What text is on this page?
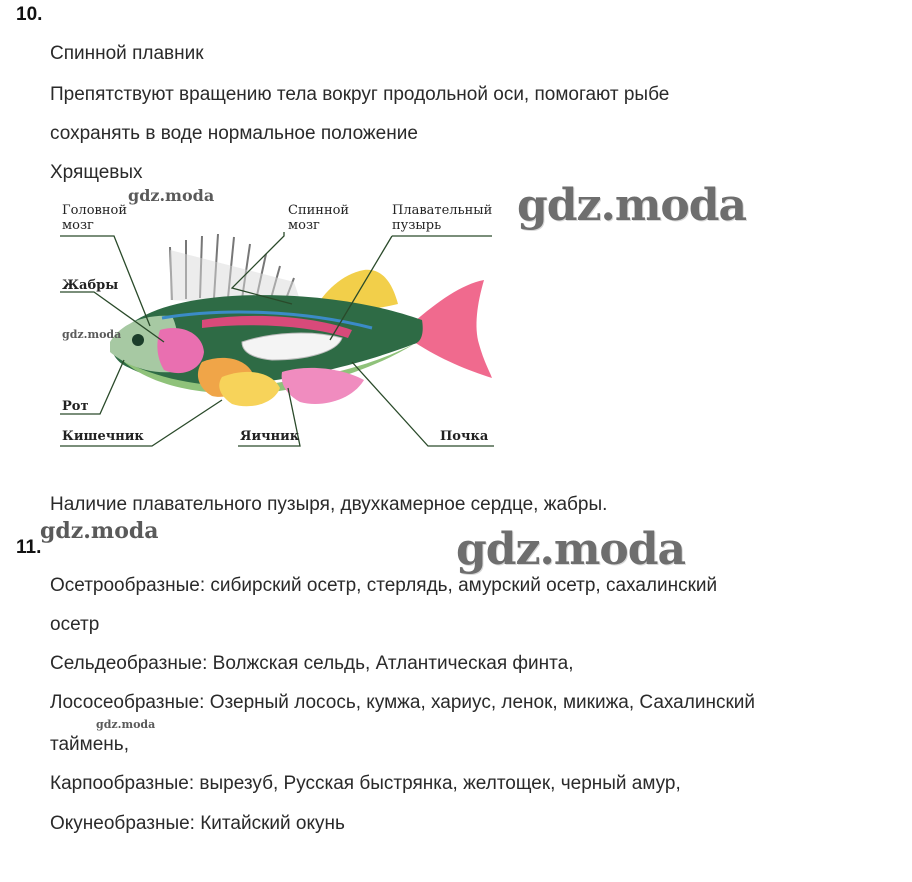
10.
Спинной плавник
Препятствуют вращению тела вокруг продольной оси, помогают рыбе
сохранять в воде нормальное положение
Хрящевых
Головной
мозг
Спинной
мозг
Плавательный
пузырь
Жабры
Рот
Кишечник	Яичник	Почка
Наличие плавательного пузыря, двухкамерное сердце, жабры.
11.
Осетрообразные: сибирский осетр, стерлядь, амурский осетр, сахалинский
осетр
Сельдеобразные: Волжская сельдь, Атлантическая финта,
Лососеобразные: Озерный лосось, кумжа, хариус, ленок, микижа, Сахалинский
таймень,
Карпообразные: вырезуб, Русская быстрянка, желтощек, черный амур,
Окунеобразные: Китайский окунь
gdz.moda
gdz.moda
gdz.moda
gdz.moda
gdz.moda
gdz.moda
